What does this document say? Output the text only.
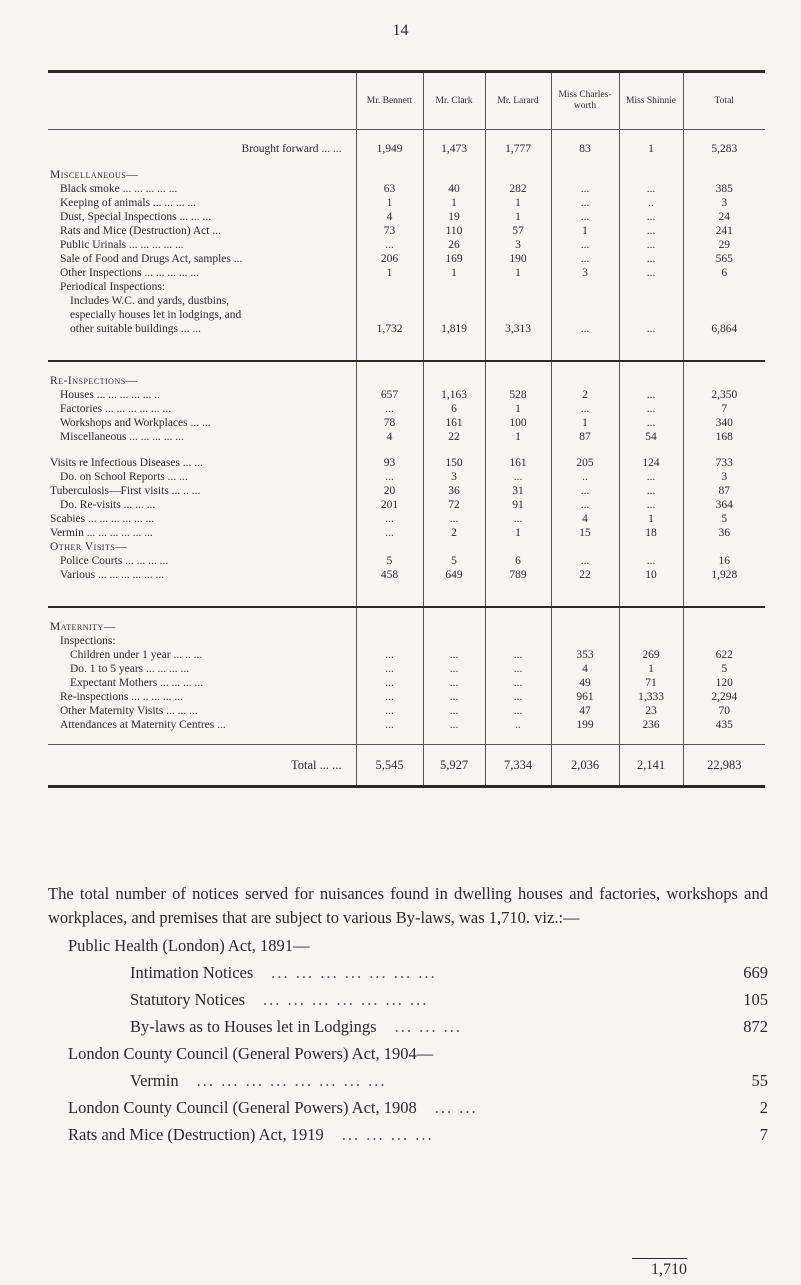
14
	Mr. Bennett	Mr. Clark	Mr. Larard	Miss Charles-worth	Miss Shinnie	Total

Brought forward ... ...	1,949	1,473	1,777	83	1	5,283

Miscellaneous—						
Black smoke ... ... ... ... ...	63	40	282	...	...	385
Keeping of animals ... ... ... ...	1	1	1	...	..	3
Dust, Special Inspections ... ... ...	4	19	1	...	...	24
Rats and Mice (Destruction) Act ...	73	110	57	1	...	241
Public Urinals ... ... ... ... ...	...	26	3	...	...	29
Sale of Food and Drugs Act, samples ...	206	169	190	...	...	565
Other Inspections ... ... ... ... ...	1	1	1	3	...	6
Periodical Inspections:						
Includes W.C. and yards, dustbins,						
especially houses let in lodgings, and						
other suitable buildings ... ...	1,732	1,819	3,313	...	...	6,864

Re-Inspections—						
Houses ... ... ... ... ... ..	657	1,163	528	2	...	2,350
Factories ... ... ... ... ... ...	...	6	1	...	...	7
Workshops and Workplaces ... ...	78	161	100	1	...	340
Miscellaneous ... ... ... ... ...	4	22	1	87	54	168

Visits re Infectious Diseases ... ...	93	150	161	205	124	733
Do. on School Reports ... ...	...	3	...	..	...	3
Tuberculosis—First visits ... .. ...	20	36	31	...	...	87
Do. Re-visits ... ... ...	201	72	91	...	...	364
Scabies ... ... ... ... ... ...	...	...	...	4	1	5
Vermin ... ... ... ... ... ...	...	2	1	15	18	36
Other Visits—						
Police Courts ... ... ... ...	5	5	6	...	...	16
Various ... ... ... ... ... ...	458	649	789	22	10	1,928

Maternity—						
Inspections:						
Children under 1 year ... .. ...	...	...	...	353	269	622
Do. 1 to 5 years ... ... ... ...	...	...	...	4	1	5
Expectant Mothers ... ... ... ...	...	...	...	49	71	120
Re-inspections ... .. ... ... ...	...	...	...	961	1,333	2,294
Other Maternity Visits ... ... ...	...	...	...	47	23	70
Attendances at Maternity Centres ...	...	...	..	199	236	435

Total ... ...	5,545	5,927	7,334	2,036	2,141	22,983
The total number of notices served for nuisances found in dwelling houses and factories, workshops and workplaces, and premises that are subject to various By-laws, was 1,710. viz.:—
Public Health (London) Act, 1891—
Intimation Notices ... ... ... ... ... ... ...	669
Statutory Notices ... ... ... ... ... ... ...	105
By-laws as to Houses let in Lodgings ... ... ...	872
London County Council (General Powers) Act, 1904—
Vermin ... ... ... ... ... ... ... ...	55
London County Council (General Powers) Act, 1908 ... ...	2
Rats and Mice (Destruction) Act, 1919 ... ... ... ...	7
1,710
